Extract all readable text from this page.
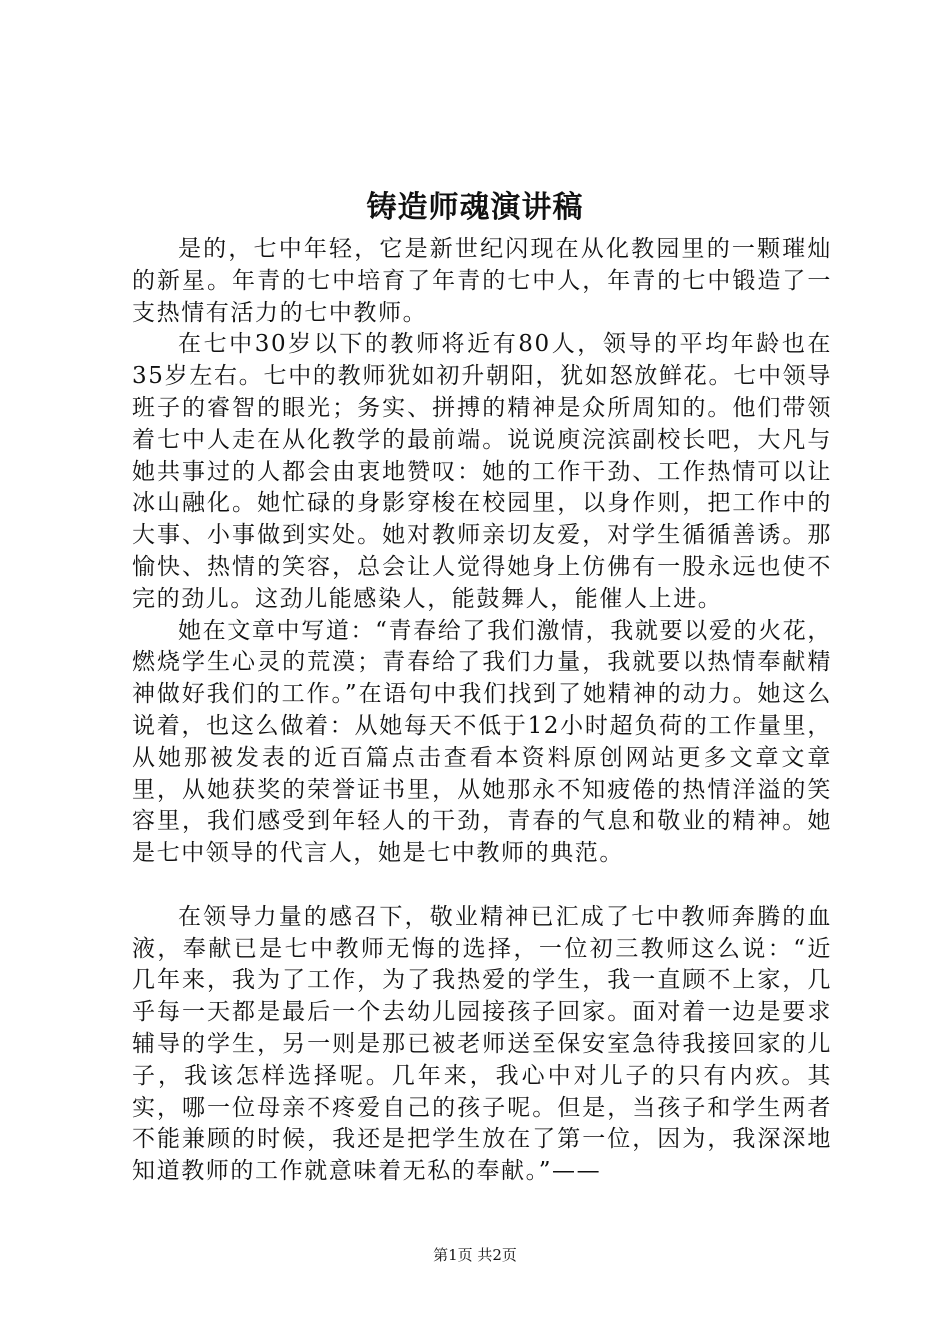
铸造师魂演讲稿

是的，七中年轻，它是新世纪闪现在从化教园里的一颗璀灿的新星。年青的七中培育了年青的七中人，年青的七中锻造了一支热情有活力的七中教师。

在七中30岁以下的教师将近有80人，领导的平均年龄也在35岁左右。七中的教师犹如初升朝阳，犹如怒放鲜花。七中领导班子的睿智的眼光；务实、拼搏的精神是众所周知的。他们带领着七中人走在从化教学的最前端。说说庾浣滨副校长吧，大凡与她共事过的人都会由衷地赞叹：她的工作干劲、工作热情可以让冰山融化。她忙碌的身影穿梭在校园里，以身作则，把工作中的大事、小事做到实处。她对教师亲切友爱，对学生循循善诱。那愉快、热情的笑容，总会让人觉得她身上仿佛有一股永远也使不完的劲儿。这劲儿能感染人，能鼓舞人，能催人上进。

她在文章中写道：“青春给了我们激情，我就要以爱的火花，燃烧学生心灵的荒漠；青春给了我们力量，我就要以热情奉献精神做好我们的工作。”在语句中我们找到了她精神的动力。她这么说着，也这么做着：从她每天不低于12小时超负荷的工作量里，从她那被发表的近百篇点击查看本资料原创网站更多文章文章里，从她获奖的荣誉证书里，从她那永不知疲倦的热情洋溢的笑容里，我们感受到年轻人的干劲，青春的气息和敬业的精神。她是七中领导的代言人，她是七中教师的典范。

在领导力量的感召下，敬业精神已汇成了七中教师奔腾的血液，奉献已是七中教师无悔的选择，一位初三教师这么说：“近几年来，我为了工作，为了我热爱的学生，我一直顾不上家，几乎每一天都是最后一个去幼儿园接孩子回家。面对着一边是要求辅导的学生，另一则是那已被老师送至保安室急待我接回家的儿子，我该怎样选择呢。几年来，我心中对儿子的只有内疚。其实，哪一位母亲不疼爱自己的孩子呢。但是，当孩子和学生两者不能兼顾的时候，我还是把学生放在了第一位，因为，我深深地知道教师的工作就意味着无私的奉献。”——

第1页 共2页
